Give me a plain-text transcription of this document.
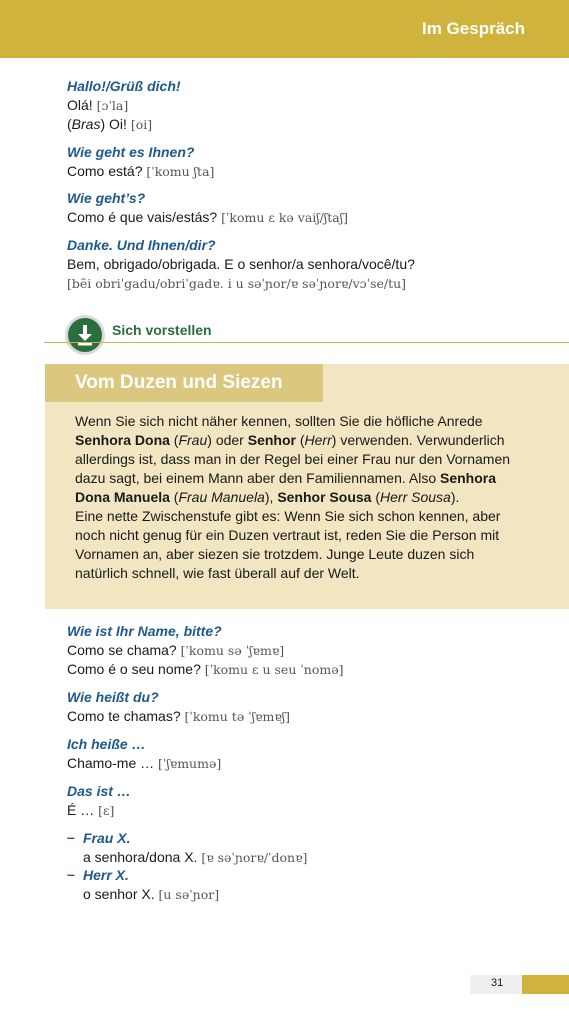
Im Gespräch
Hallo!/Grüß dich!
Olá! [ɔˈla]
(Bras) Oi! [oi]
Wie geht es Ihnen?
Como está? [ˈkomu ʃta]
Wie geht’s?
Como é que vais/estás? [ˈkomu ɛ kə vaiʃ/ʃtaʃ]
Danke. Und Ihnen/dir?
Bem, obrigado/obrigada. E o senhor/a senhora/você/tu?
[bẽi obriˈgadu/obriˈgadɐ. i u səˈɲor/ɐ səˈɲorɐ/vɔˈse/tu]
Sich vorstellen
Vom Duzen und Siezen
Wenn Sie sich nicht näher kennen, sollten Sie die höfliche Anrede Senhora Dona (Frau) oder Senhor (Herr) verwenden. Verwunderlich allerdings ist, dass man in der Regel bei einer Frau nur den Vornamen dazu sagt, bei einem Mann aber den Familiennamen. Also Senhora Dona Manuela (Frau Manuela), Senhor Sousa (Herr Sousa).
Eine nette Zwischenstufe gibt es: Wenn Sie sich schon kennen, aber noch nicht genug für ein Duzen vertraut ist, reden Sie die Person mit Vornamen an, aber siezen sie trotzdem. Junge Leute duzen sich natürlich schnell, wie fast überall auf der Welt.
Wie ist Ihr Name, bitte?
Como se chama? [ˈkomu sə ˈʃɐmɐ]
Como é o seu nome? [ˈkomu ɛ u seu ˈnomə]
Wie heißt du?
Como te chamas? [ˈkomu tə ˈʃɐmɐʃ]
Ich heiße …
Chamo-me … [ˈʃɐmumə]
Das ist …
É … [ɛ]
– Frau X.
a senhora/dona X. [ɐ səˈɲorɐ/ˈdonɐ]
– Herr X.
o senhor X. [u səˈɲor]
31
